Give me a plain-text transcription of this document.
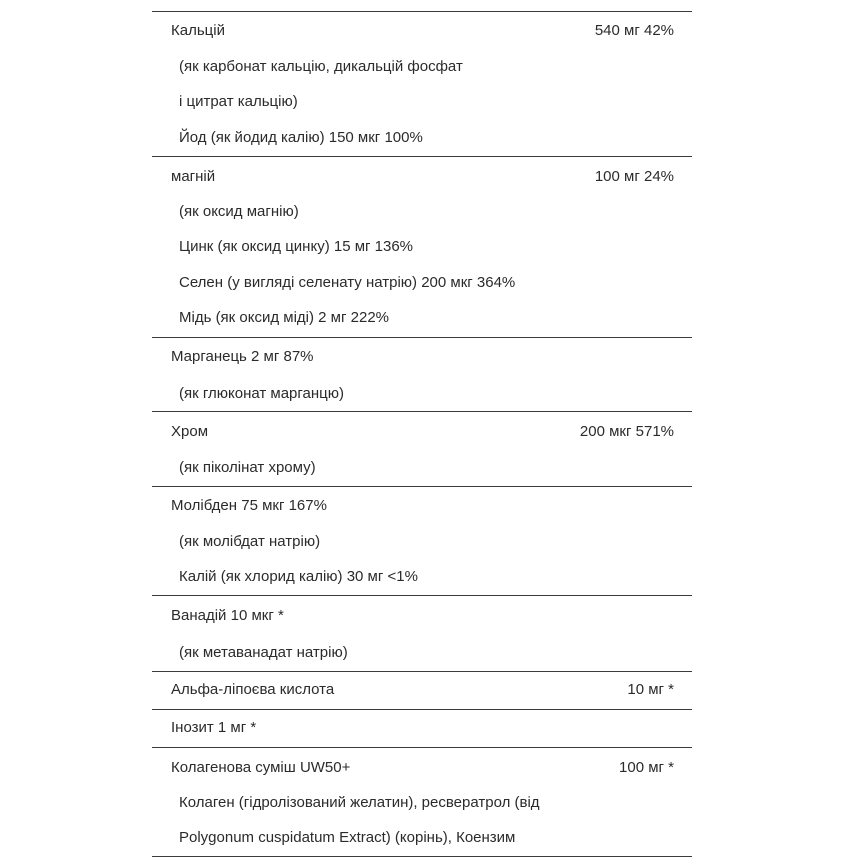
Кальцій	540 мг 42%
(як карбонат кальцію, дикальцій фосфат
і цитрат кальцію)
Йод (як йодид калію) 150 мкг 100%
магній	100 мг 24%
(як оксид магнію)
Цинк (як оксид цинку) 15 мг 136%
Селен (у вигляді селенату натрію) 200 мкг 364%
Мідь (як оксид міді) 2 мг 222%
Марганець 2 мг 87%
(як глюконат марганцю)
Хром	200 мкг 571%
(як піколінат хрому)
Молібден 75 мкг 167%
(як молібдат натрію)
Калій (як хлорид калію) 30 мг <1%
Ванадій 10 мкг *
(як метаванадат натрію)
Альфа-ліпоєва кислота	10 мг *
Інозит 1 мг *
Колагенова суміш UW50+	100 мг *
Колаген (гідролізований желатин), ресвератрол (від
Polygonum cuspidatum Extract) (корінь), Коензим
